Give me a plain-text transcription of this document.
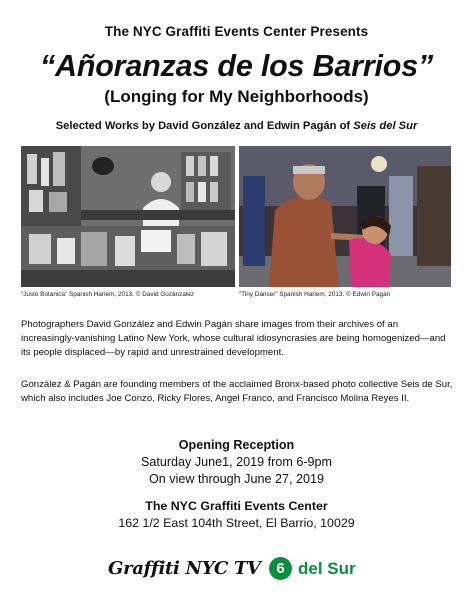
The NYC Graffiti Events Center Presents
“Añoranzas de los Barrios”
(Longing for My Neighborhoods)
Selected Works by David González and Edwin Pagán of Seis del Sur
“Justo Botanica” Spanish Harlem, 2013. © David Gozánzalez	“Tiny Dancer” Spanish Harlem, 2013. © Edwin Pagán
Photographers David González and Edwin Pagán share images from their archives of an increasingly-vanishing Latino New York, whose cultural idiosyncrasies are being homogenized—and its people displaced—by rapid and unrestrained development.
González & Pagán are founding members of the acclaimed Bronx-based photo collective Seis de Sur, which also includes Joe Conzo, Ricky Flores, Angel Franco, and Francisco Molina Reyes II.
Opening Reception
Saturday June1, 2019 from 6-9pm
On view through June 27, 2019
The NYC Graffiti Events Center
162 1/2 East 104th Street, El Barrio, 10029
Graffiti NYC TV	6 del Sur
